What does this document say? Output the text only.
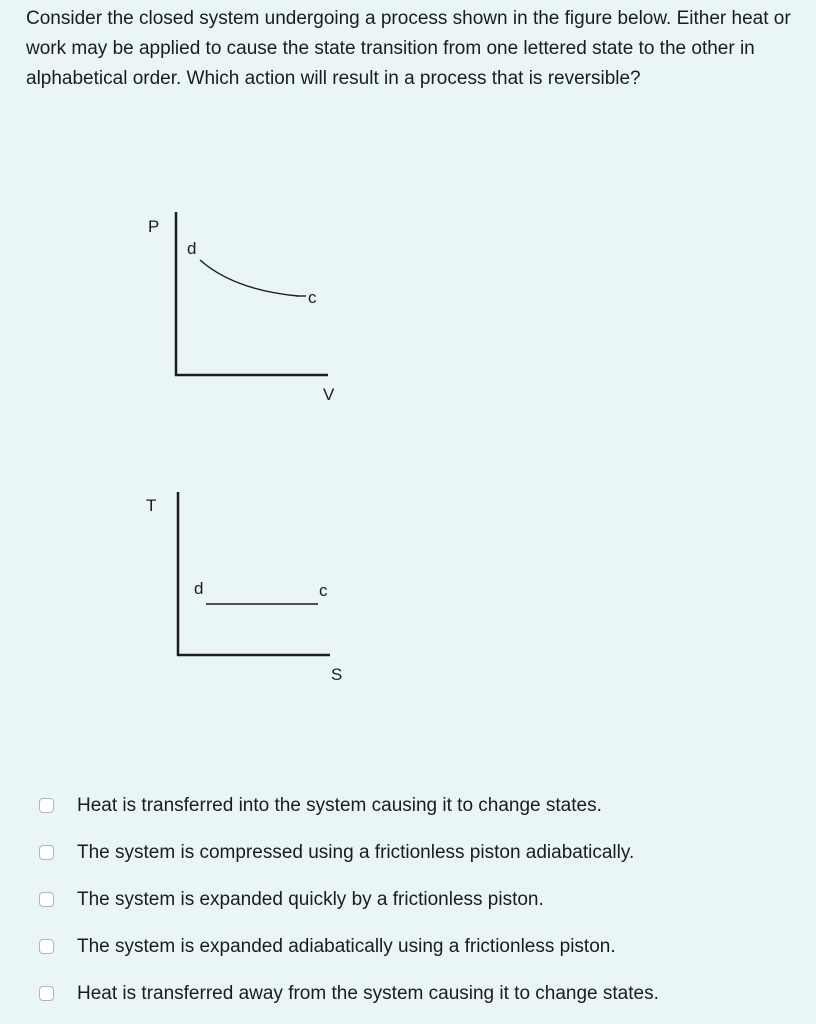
Consider the closed system undergoing a process shown in the figure below. Either heat or work may be applied to cause the state transition from one lettered state to the other in alphabetical order. Which action will result in a process that is reversible?

P
V
d
c
T
S
d	c
Heat is transferred into the system causing it to change states.
The system is compressed using a frictionless piston adiabatically.
The system is expanded quickly by a frictionless piston.
The system is expanded adiabatically using a frictionless piston.
Heat is transferred away from the system causing it to change states.
